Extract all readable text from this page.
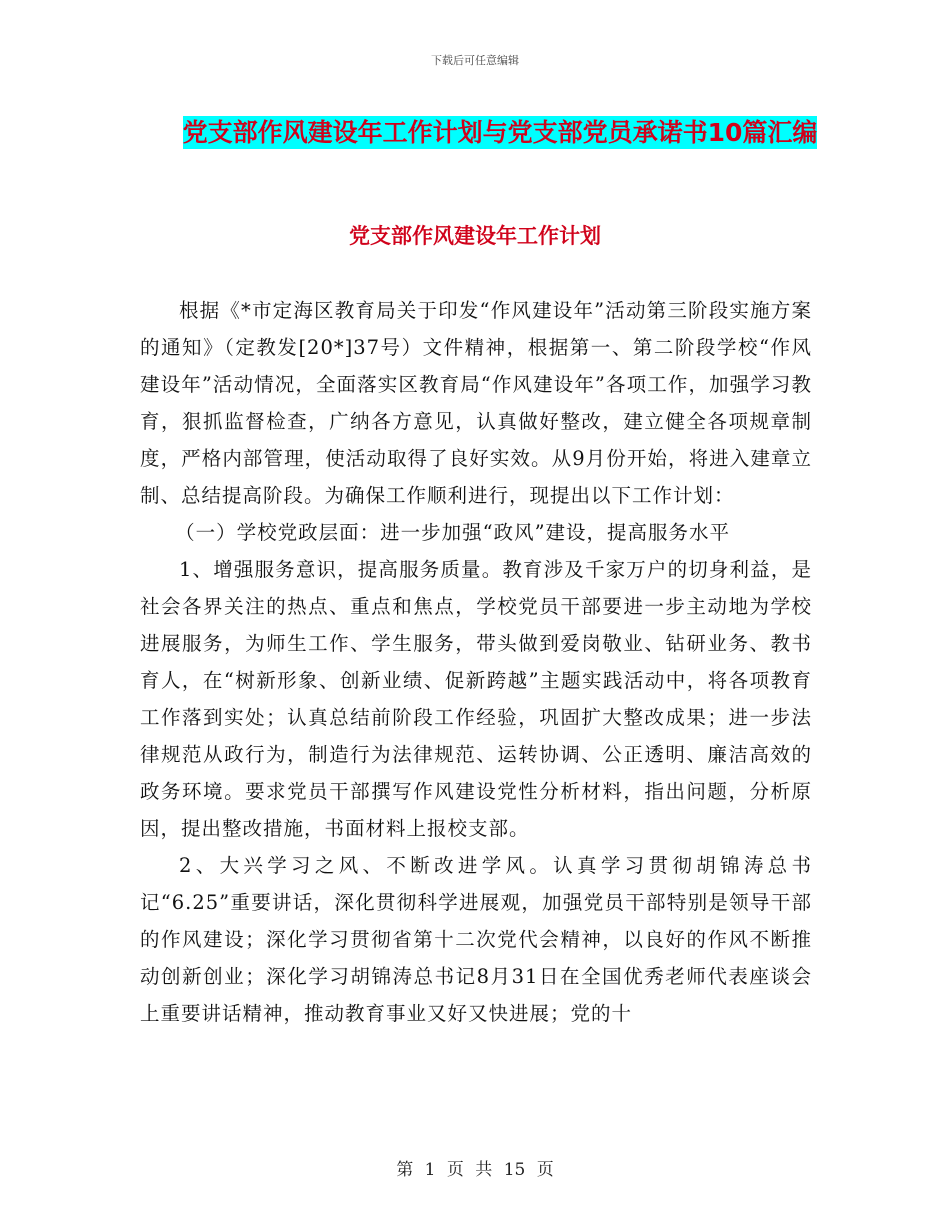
下载后可任意编辑
党支部作风建设年工作计划与党支部党员承诺书10篇汇编
党支部作风建设年工作计划

根据《*市定海区教育局关于印发“作风建设年”活动第三阶段实施方案的通知》（定教发[20*]37号）文件精神，根据第一、第二阶段学校“作风建设年”活动情况，全面落实区教育局“作风建设年”各项工作，加强学习教育，狠抓监督检查，广纳各方意见，认真做好整改，建立健全各项规章制度，严格内部管理，使活动取得了良好实效。从9月份开始，将进入建章立制、总结提高阶段。为确保工作顺利进行，现提出以下工作计划：

（一）学校党政层面：进一步加强“政风”建设，提高服务水平

1、增强服务意识，提高服务质量。教育涉及千家万户的切身利益，是社会各界关注的热点、重点和焦点，学校党员干部要进一步主动地为学校进展服务，为师生工作、学生服务，带头做到爱岗敬业、钻研业务、教书育人，在“树新形象、创新业绩、促新跨越”主题实践活动中，将各项教育工作落到实处；认真总结前阶段工作经验，巩固扩大整改成果；进一步法律规范从政行为，制造行为法律规范、运转协调、公正透明、廉洁高效的政务环境。要求党员干部撰写作风建设党性分析材料，指出问题，分析原因，提出整改措施，书面材料上报校支部。

2、大兴学习之风、不断改进学风。认真学习贯彻胡锦涛总书记“6.25”重要讲话，深化贯彻科学进展观，加强党员干部特别是领导干部的作风建设；深化学习贯彻省第十二次党代会精神，以良好的作风不断推动创新创业；深化学习胡锦涛总书记8月31日在全国优秀老师代表座谈会上重要讲话精神，推动教育事业又好又快进展；党的十

第 1 页 共 15 页
